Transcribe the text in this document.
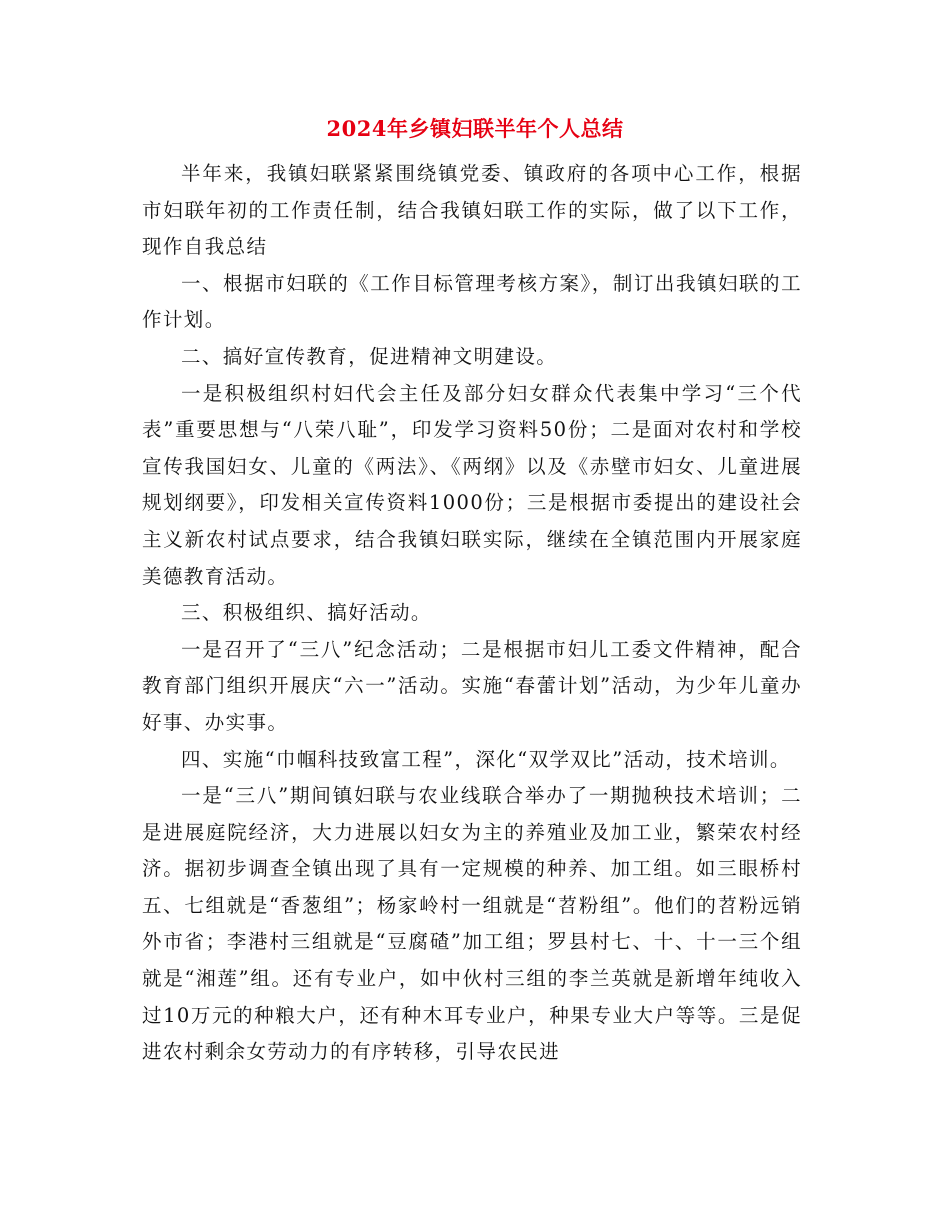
2024年乡镇妇联半年个人总结

半年来，我镇妇联紧紧围绕镇党委、镇政府的各项中心工作，根据市妇联年初的工作责任制，结合我镇妇联工作的实际，做了以下工作，现作自我总结

一、根据市妇联的《工作目标管理考核方案》，制订出我镇妇联的工作计划。

二、搞好宣传教育，促进精神文明建设。

一是积极组织村妇代会主任及部分妇女群众代表集中学习“三个代表”重要思想与“八荣八耻”，印发学习资料50份；二是面对农村和学校宣传我国妇女、儿童的《两法》、《两纲》以及《赤壁市妇女、儿童进展规划纲要》，印发相关宣传资料1000份；三是根据市委提出的建设社会主义新农村试点要求，结合我镇妇联实际，继续在全镇范围内开展家庭美德教育活动。

三、积极组织、搞好活动。

一是召开了“三八”纪念活动；二是根据市妇儿工委文件精神，配合教育部门组织开展庆“六一”活动。实施“春蕾计划”活动，为少年儿童办好事、办实事。

四、实施“巾帼科技致富工程”，深化“双学双比”活动，技术培训。

一是“三八”期间镇妇联与农业线联合举办了一期抛秧技术培训；二是进展庭院经济，大力进展以妇女为主的养殖业及加工业，繁荣农村经济。据初步调查全镇出现了具有一定规模的种养、加工组。如三眼桥村五、七组就是“香葱组”；杨家岭村一组就是“苕粉组”。他们的苕粉远销外市省；李港村三组就是“豆腐碴”加工组；罗县村七、十、十一三个组就是“湘莲”组。还有专业户，如中伙村三组的李兰英就是新增年纯收入过10万元的种粮大户，还有种木耳专业户，种果专业大户等等。三是促进农村剩余女劳动力的有序转移，引导农民进
